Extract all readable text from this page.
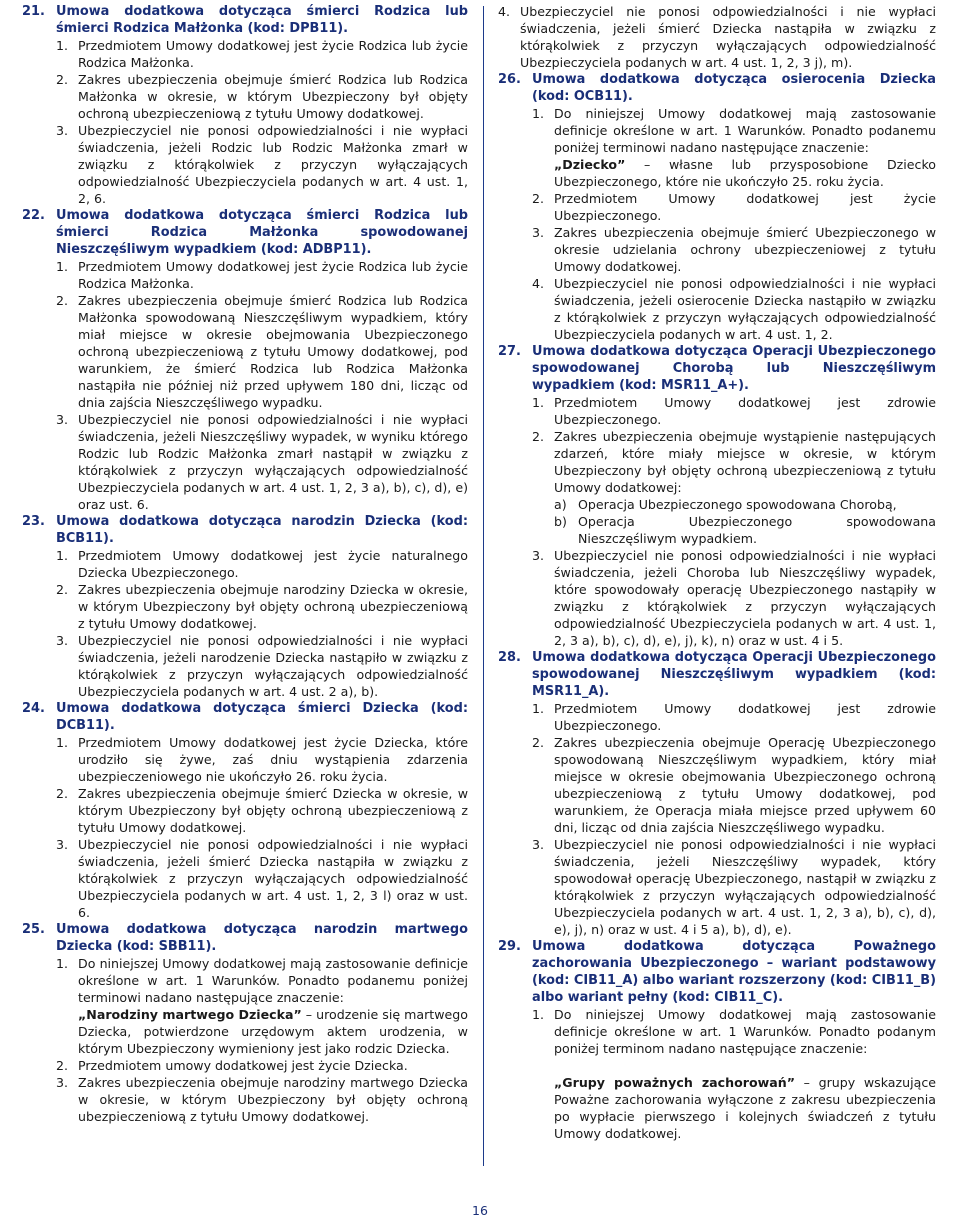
21. Umowa dodatkowa dotycząca śmierci Rodzica lub śmierci Rodzica Małżonka (kod: DPB11).
1. Przedmiotem Umowy dodatkowej jest życie Rodzica lub życie Rodzica Małżonka.
2. Zakres ubezpieczenia obejmuje śmierć Rodzica lub Rodzica Małżonka w okresie, w którym Ubezpieczony był objęty ochroną ubezpieczeniową z tytułu Umowy dodatkowej.
3. Ubezpieczyciel nie ponosi odpowiedzialności i nie wypłaci świadczenia, jeżeli Rodzic lub Rodzic Małżonka zmarł w związku z którąkolwiek z przyczyn wyłączających odpowiedzialność Ubezpieczyciela podanych w art. 4 ust. 1, 2, 6.
22. Umowa dodatkowa dotycząca śmierci Rodzica lub śmierci Rodzica Małżonka spowodowanej Nieszczęśliwym wypadkiem (kod: ADBP11).
1. Przedmiotem Umowy dodatkowej jest życie Rodzica lub życie Rodzica Małżonka.
2. Zakres ubezpieczenia obejmuje śmierć Rodzica lub Rodzica Małżonka spowodowaną Nieszczęśliwym wypadkiem, który miał miejsce w okresie obejmowania Ubezpieczonego ochroną ubezpieczeniową z tytułu Umowy dodatkowej, pod warunkiem, że śmierć Rodzica lub Rodzica Małżonka nastąpiła nie później niż przed upływem 180 dni, licząc od dnia zajścia Nieszczęśliwego wypadku.
3. Ubezpieczyciel nie ponosi odpowiedzialności i nie wypłaci świadczenia, jeżeli Nieszczęśliwy wypadek, w wyniku którego Rodzic lub Rodzic Małżonka zmarł nastąpił w związku z którąkolwiek z przyczyn wyłączających odpowiedzialność Ubezpieczyciela podanych w art. 4 ust. 1, 2, 3 a), b), c), d), e) oraz ust. 6.
23. Umowa dodatkowa dotycząca narodzin Dziecka (kod: BCB11).
1. Przedmiotem Umowy dodatkowej jest życie naturalnego Dziecka Ubezpieczonego.
2. Zakres ubezpieczenia obejmuje narodziny Dziecka w okresie, w którym Ubezpieczony był objęty ochroną ubezpieczeniową z tytułu Umowy dodatkowej.
3. Ubezpieczyciel nie ponosi odpowiedzialności i nie wypłaci świadczenia, jeżeli narodzenie Dziecka nastąpiło w związku z którąkolwiek z przyczyn wyłączających odpowiedzialność Ubezpieczyciela podanych w art. 4 ust. 2 a), b).
24. Umowa dodatkowa dotycząca śmierci Dziecka (kod: DCB11).
1. Przedmiotem Umowy dodatkowej jest życie Dziecka, które urodziło się żywe, zaś dniu wystąpienia zdarzenia ubezpieczeniowego nie ukończyło 26. roku życia.
2. Zakres ubezpieczenia obejmuje śmierć Dziecka w okresie, w którym Ubezpieczony był objęty ochroną ubezpieczeniową z tytułu Umowy dodatkowej.
3. Ubezpieczyciel nie ponosi odpowiedzialności i nie wypłaci świadczenia, jeżeli śmierć Dziecka nastąpiła w związku z którąkolwiek z przyczyn wyłączających odpowiedzialność Ubezpieczyciela podanych w art. 4 ust. 1, 2, 3 l) oraz w ust. 6.
25. Umowa dodatkowa dotycząca narodzin martwego Dziecka (kod: SBB11).
1. Do niniejszej Umowy dodatkowej mają zastosowanie definicje określone w art. 1 Warunków. Ponadto podanemu poniżej terminowi nadano następujące znaczenie:
„Narodziny martwego Dziecka” – urodzenie się martwego Dziecka, potwierdzone urzędowym aktem urodzenia, w którym Ubezpieczony wymieniony jest jako rodzic Dziecka.
2. Przedmiotem umowy dodatkowej jest życie Dziecka.
3. Zakres ubezpieczenia obejmuje narodziny martwego Dziecka w okresie, w którym Ubezpieczony był objęty ochroną ubezpieczeniową z tytułu Umowy dodatkowej.
4. Ubezpieczyciel nie ponosi odpowiedzialności i nie wypłaci świadczenia, jeżeli śmierć Dziecka nastąpiła w związku z którąkolwiek z przyczyn wyłączających odpowiedzialność Ubezpieczyciela podanych w art. 4 ust. 1, 2, 3 j), m).
26. Umowa dodatkowa dotycząca osierocenia Dziecka (kod: OCB11).
1. Do niniejszej Umowy dodatkowej mają zastosowanie definicje określone w art. 1 Warunków. Ponadto podanemu poniżej terminowi nadano następujące znaczenie:
„Dziecko” – własne lub przysposobione Dziecko Ubezpieczonego, które nie ukończyło 25. roku życia.
2. Przedmiotem Umowy dodatkowej jest życie Ubezpieczonego.
3. Zakres ubezpieczenia obejmuje śmierć Ubezpieczonego w okresie udzielania ochrony ubezpieczeniowej z tytułu Umowy dodatkowej.
4. Ubezpieczyciel nie ponosi odpowiedzialności i nie wypłaci świadczenia, jeżeli osierocenie Dziecka nastąpiło w związku z którąkolwiek z przyczyn wyłączających odpowiedzialność Ubezpieczyciela podanych w art. 4 ust. 1, 2.
27. Umowa dodatkowa dotycząca Operacji Ubezpieczonego spowodowanej Chorobą lub Nieszczęśliwym wypadkiem (kod: MSR11_A+).
1. Przedmiotem Umowy dodatkowej jest zdrowie Ubezpieczonego.
2. Zakres ubezpieczenia obejmuje wystąpienie następujących zdarzeń, które miały miejsce w okresie, w którym Ubezpieczony był objęty ochroną ubezpieczeniową z tytułu Umowy dodatkowej:
a) Operacja Ubezpieczonego spowodowana Chorobą,
b) Operacja Ubezpieczonego spowodowana Nieszczęśliwym wypadkiem.
3. Ubezpieczyciel nie ponosi odpowiedzialności i nie wypłaci świadczenia, jeżeli Choroba lub Nieszczęśliwy wypadek, które spowodowały operację Ubezpieczonego nastąpiły w związku z którąkolwiek z przyczyn wyłączających odpowiedzialność Ubezpieczyciela podanych w art. 4 ust. 1, 2, 3 a), b), c), d), e), j), k), n) oraz w ust. 4 i 5.
28. Umowa dodatkowa dotycząca Operacji Ubezpieczonego spowodowanej Nieszczęśliwym wypadkiem (kod: MSR11_A).
1. Przedmiotem Umowy dodatkowej jest zdrowie Ubezpieczonego.
2. Zakres ubezpieczenia obejmuje Operację Ubezpieczonego spowodowaną Nieszczęśliwym wypadkiem, który miał miejsce w okresie obejmowania Ubezpieczonego ochroną ubezpieczeniową z tytułu Umowy dodatkowej, pod warunkiem, że Operacja miała miejsce przed upływem 60 dni, licząc od dnia zajścia Nieszczęśliwego wypadku.
3. Ubezpieczyciel nie ponosi odpowiedzialności i nie wypłaci świadczenia, jeżeli Nieszczęśliwy wypadek, który spowodował operację Ubezpieczonego, nastąpił w związku z którąkolwiek z przyczyn wyłączających odpowiedzialność Ubezpieczyciela podanych w art. 4 ust. 1, 2, 3 a), b), c), d), e), j), n) oraz w ust. 4 i 5 a), b), d), e).
29. Umowa dodatkowa dotycząca Poważnego zachorowania Ubezpieczonego – wariant podstawowy (kod: CIB11_A) albo wariant rozszerzony (kod: CIB11_B) albo wariant pełny (kod: CIB11_C).
1. Do niniejszej Umowy dodatkowej mają zastosowanie definicje określone w art. 1 Warunków. Ponadto podanym poniżej terminom nadano następujące znaczenie:
„Grupy poważnych zachorowań” – grupy wskazujące Poważne zachorowania wyłączone z zakresu ubezpieczenia po wypłacie pierwszego i kolejnych świadczeń z tytułu Umowy dodatkowej.
16
